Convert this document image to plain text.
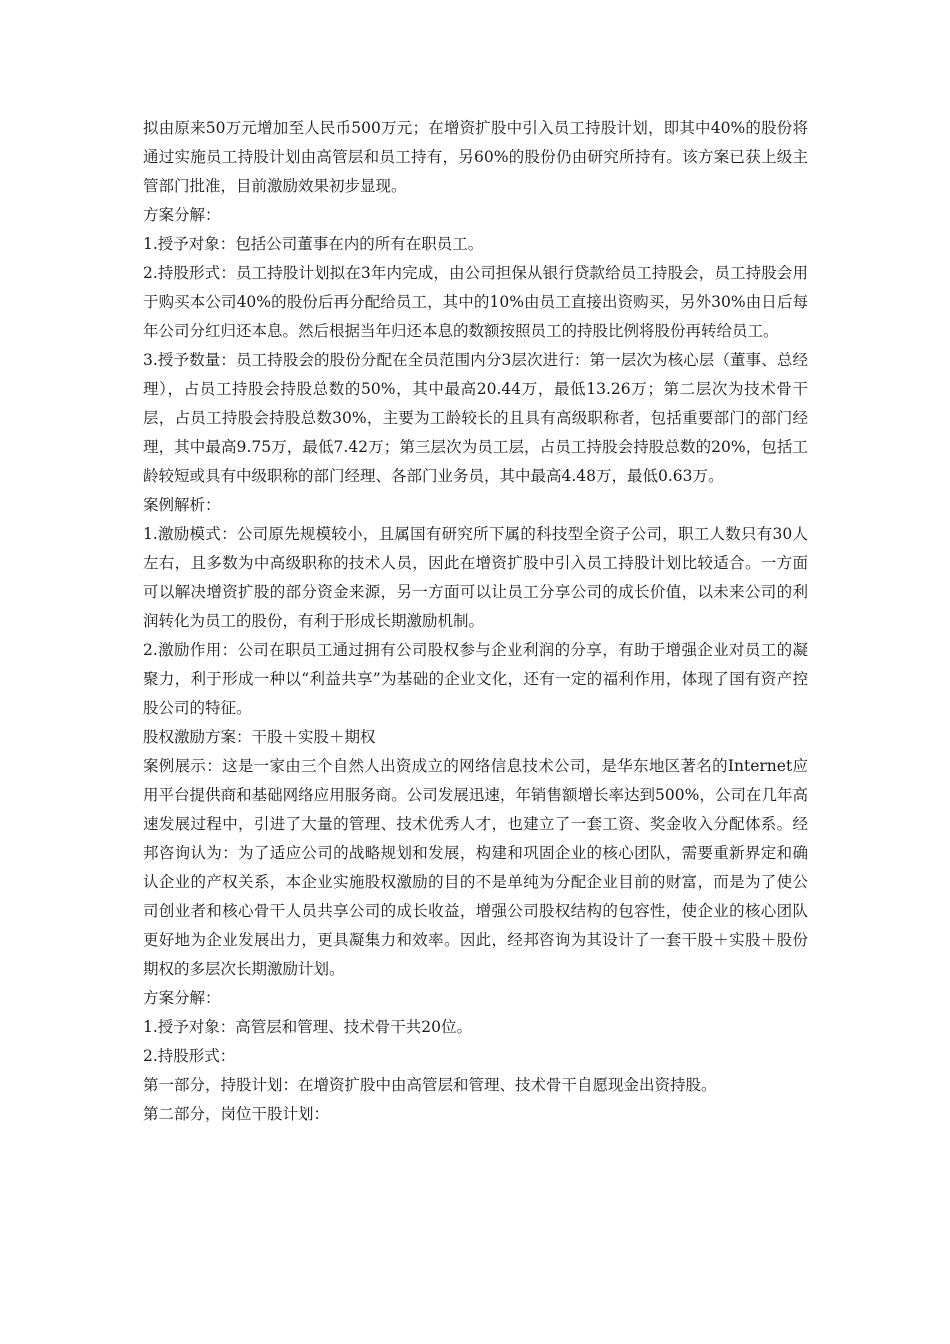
拟由原来50万元增加至人民币500万元；在增资扩股中引入员工持股计划，即其中40%的股份将通过实施员工持股计划由高管层和员工持有，另60%的股份仍由研究所持有。该方案已获上级主管部门批准，目前激励效果初步显现。

方案分解：

1.授予对象：包括公司董事在内的所有在职员工。

2.持股形式：员工持股计划拟在3年内完成，由公司担保从银行贷款给员工持股会，员工持股会用于购买本公司40%的股份后再分配给员工，其中的10%由员工直接出资购买，另外30%由日后每年公司分红归还本息。然后根据当年归还本息的数额按照员工的持股比例将股份再转给员工。

3.授予数量：员工持股会的股份分配在全员范围内分3层次进行：第一层次为核心层（董事、总经理），占员工持股会持股总数的50%，其中最高20.44万，最低13.26万；第二层次为技术骨干层，占员工持股会持股总数30%，主要为工龄较长的且具有高级职称者，包括重要部门的部门经理，其中最高9.75万，最低7.42万；第三层次为员工层，占员工持股会持股总数的20%，包括工龄较短或具有中级职称的部门经理、各部门业务员，其中最高4.48万，最低0.63万。

案例解析：

1.激励模式：公司原先规模较小，且属国有研究所下属的科技型全资子公司，职工人数只有30人左右，且多数为中高级职称的技术人员，因此在增资扩股中引入员工持股计划比较适合。一方面可以解决增资扩股的部分资金来源，另一方面可以让员工分享公司的成长价值，以未来公司的利润转化为员工的股份，有利于形成长期激励机制。

2.激励作用：公司在职员工通过拥有公司股权参与企业利润的分享，有助于增强企业对员工的凝聚力，利于形成一种以“利益共享”为基础的企业文化，还有一定的福利作用，体现了国有资产控股公司的特征。

股权激励方案：干股＋实股＋期权

案例展示：这是一家由三个自然人出资成立的网络信息技术公司，是华东地区著名的Internet应用平台提供商和基础网络应用服务商。公司发展迅速，年销售额增长率达到500%，公司在几年高速发展过程中，引进了大量的管理、技术优秀人才，也建立了一套工资、奖金收入分配体系。经邦咨询认为：为了适应公司的战略规划和发展，构建和巩固企业的核心团队，需要重新界定和确认企业的产权关系，本企业实施股权激励的目的不是单纯为分配企业目前的财富，而是为了使公司创业者和核心骨干人员共享公司的成长收益，增强公司股权结构的包容性，使企业的核心团队更好地为企业发展出力，更具凝集力和效率。因此，经邦咨询为其设计了一套干股＋实股＋股份期权的多层次长期激励计划。

方案分解：

1.授予对象：高管层和管理、技术骨干共20位。

2.持股形式：

第一部分，持股计划：在增资扩股中由高管层和管理、技术骨干自愿现金出资持股。

第二部分，岗位干股计划：
